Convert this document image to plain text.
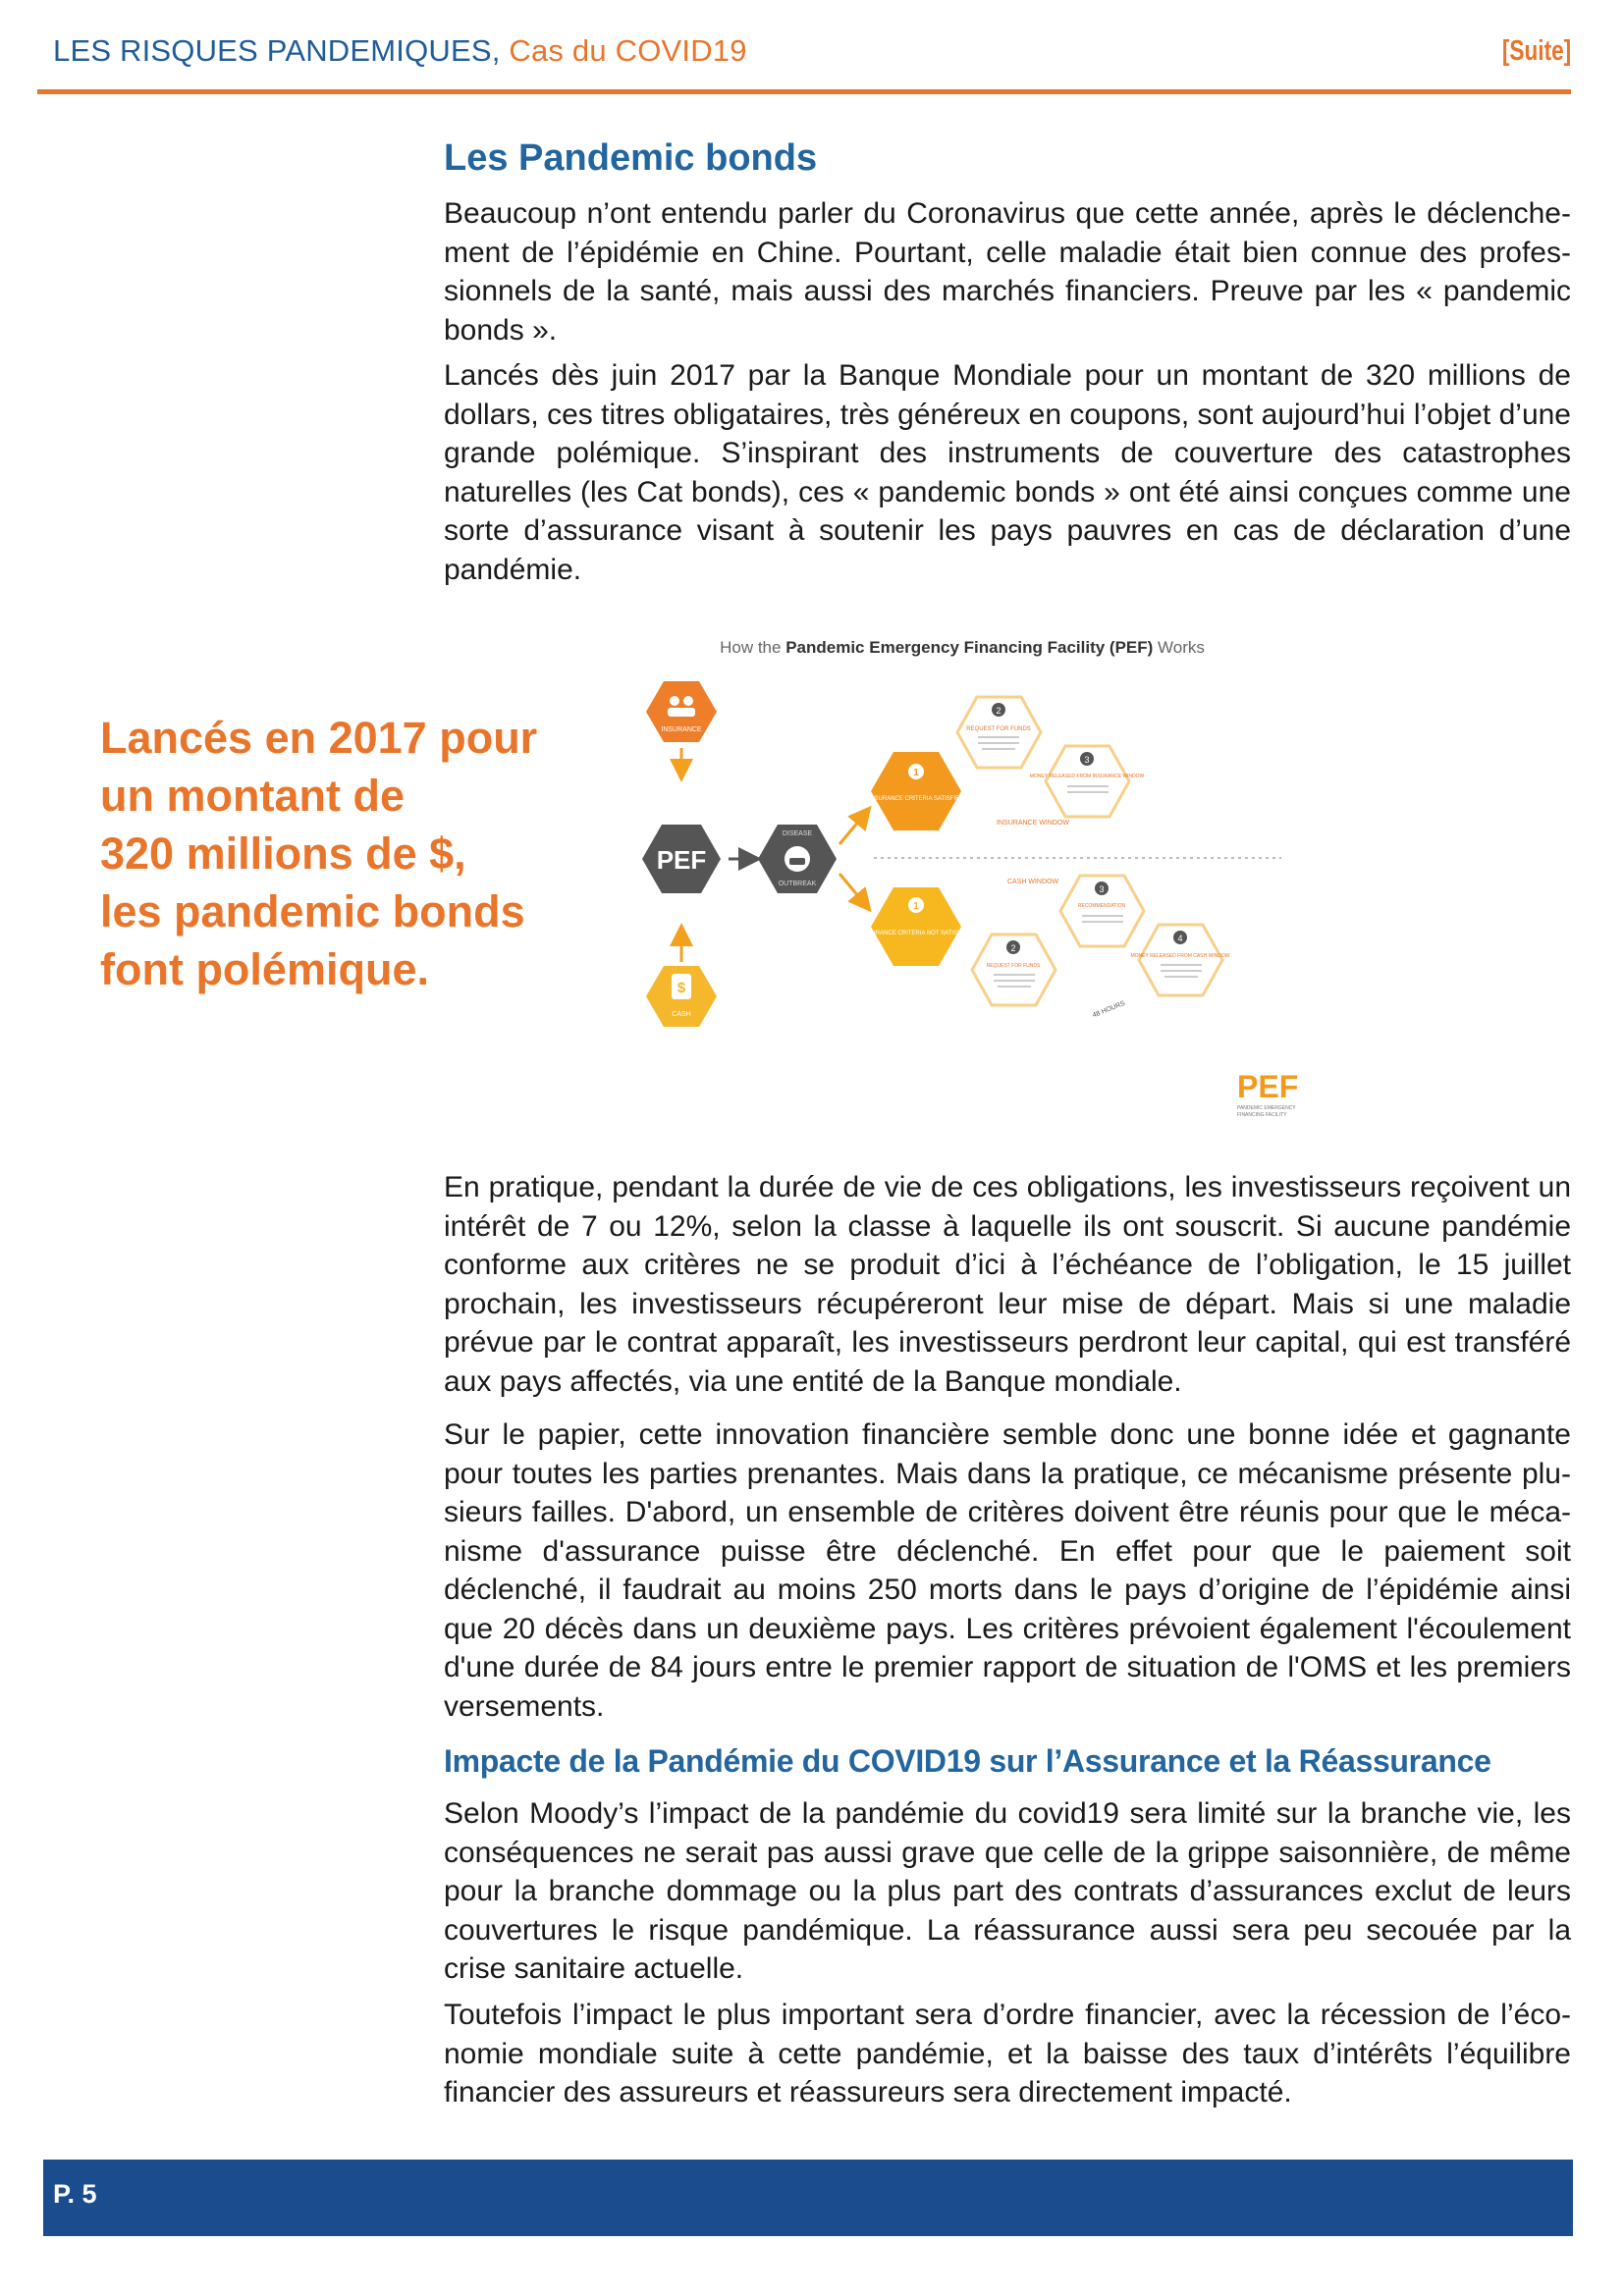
LES RISQUES PANDEMIQUES, Cas du COVID19	[Suite]
Les Pandemic bonds

Beaucoup n’ont entendu parler du Coronavirus que cette année, après le déclenchement de l’épidémie en Chine. Pourtant, celle maladie était bien connue des professionnels de la santé, mais aussi des marchés financiers. Preuve par les « pandemic bonds ».

Lancés dès juin 2017 par la Banque Mondiale pour un montant de 320 millions de dollars, ces titres obligataires, très généreux en coupons, sont aujourd’hui l’objet d’une grande polémique. S’inspirant des instruments de couverture des catastrophes naturelles (les Cat bonds), ces « pandemic bonds » ont été ainsi conçues comme une sorte d’assurance visant à soutenir les pays pauvres en cas de déclaration d’une pandémie.

Lancés en 2017 pour
un montant de
320 millions de $,
les pandemic bonds
font polémique.
How the Pandemic Emergency Financing Facility (PEF) Works
INSURANCE
PEF
$
CASH
DISEASE
OUTBREAK
1
INSURANCE CRITERIA SATISFIED
1
INSURANCE CRITERIA NOT SATISFIED
2
REQUEST FOR FUNDS
INSURANCE WINDOW
3
MONEY RELEASED FROM INSURANCE WINDOW
CASH WINDOW
3
RECOMMENDATION
2
REQUEST FOR FUNDS
4
MONEY RELEASED FROM CASH WINDOW
48 HOURS
PEF
PANDEMIC EMERGENCY
FINANCING FACILITY

En pratique, pendant la durée de vie de ces obligations, les investisseurs reçoivent un intérêt de 7 ou 12%, selon la classe à laquelle ils ont souscrit. Si aucune pandémie conforme aux critères ne se produit d’ici à l’échéance de l’obligation, le 15 juillet prochain, les investisseurs récupéreront leur mise de départ. Mais si une maladie prévue par le contrat apparaît, les investisseurs perdront leur capital, qui est transféré aux pays affectés, via une entité de la Banque mondiale.

Sur le papier, cette innovation financière semble donc une bonne idée et gagnante pour toutes les parties prenantes. Mais dans la pratique, ce mécanisme présente plusieurs failles. D'abord, un ensemble de critères doivent être réunis pour que le mécanisme d'assurance puisse être déclenché. En effet pour que le paiement soit déclenché, il faudrait au moins 250 morts dans le pays d’origine de l’épidémie ainsi que 20 décès dans un deuxième pays. Les critères prévoient également l'écoulement d'une durée de 84 jours entre le premier rapport de situation de l'OMS et les premiers versements.

Impacte de la Pandémie du COVID19 sur l’Assurance et la Réassurance

Selon Moody’s l’impact de la pandémie du covid19 sera limité sur la branche vie, les conséquences ne serait pas aussi grave que celle de la grippe saisonnière, de même pour la branche dommage ou la plus part des contrats d’assurances exclut de leurs couvertures le risque pandémique. La réassurance aussi sera peu secouée par la crise sanitaire actuelle.

Toutefois l’impact le plus important sera d’ordre financier, avec la récession de l’économie mondiale suite à cette pandémie, et la baisse des taux d’intérêts l’équilibre financier des assureurs et réassureurs sera directement impacté.

P. 5
